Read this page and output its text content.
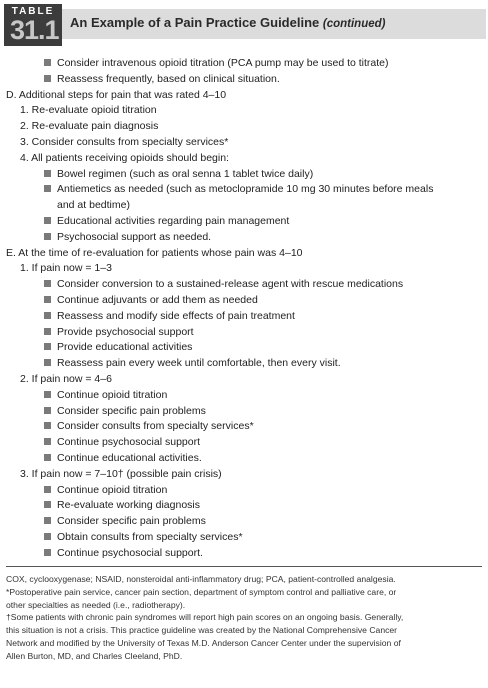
TABLE
31.1 An Example of a Pain Practice Guideline (continued)
Consider intravenous opioid titration (PCA pump may be used to titrate)
Reassess frequently, based on clinical situation.
D. Additional steps for pain that was rated 4–10
1. Re-evaluate opioid titration
2. Re-evaluate pain diagnosis
3. Consider consults from specialty services*
4. All patients receiving opioids should begin:
Bowel regimen (such as oral senna 1 tablet twice daily)
Antiemetics as needed (such as metoclopramide 10 mg 30 minutes before meals
and at bedtime)
Educational activities regarding pain management
Psychosocial support as needed.
E. At the time of re-evaluation for patients whose pain was 4–10
1. If pain now = 1–3
Consider conversion to a sustained-release agent with rescue medications
Continue adjuvants or add them as needed
Reassess and modify side effects of pain treatment
Provide psychosocial support
Provide educational activities
Reassess pain every week until comfortable, then every visit.
2. If pain now = 4–6
Continue opioid titration
Consider specific pain problems
Consider consults from specialty services*
Continue psychosocial support
Continue educational activities.
3. If pain now = 7–10† (possible pain crisis)
Continue opioid titration
Re-evaluate working diagnosis
Consider specific pain problems
Obtain consults from specialty services*
Continue psychosocial support.
COX, cyclooxygenase; NSAID, nonsteroidal anti-inflammatory drug; PCA, patient-controlled analgesia.
*Postoperative pain service, cancer pain section, department of symptom control and palliative care, or
other specialties as needed (i.e., radiotherapy).
†Some patients with chronic pain syndromes will report high pain scores on an ongoing basis. Generally,
this situation is not a crisis. This practice guideline was created by the National Comprehensive Cancer
Network and modified by the University of Texas M.D. Anderson Cancer Center under the supervision of
Allen Burton, MD, and Charles Cleeland, PhD.
